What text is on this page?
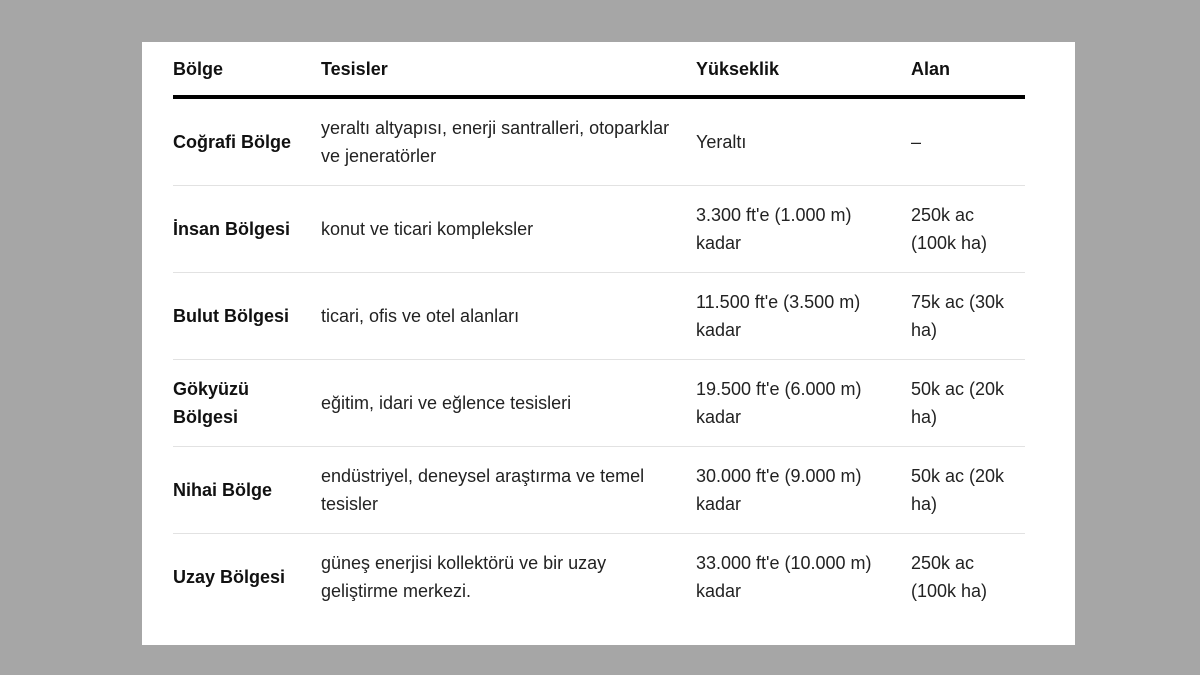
Bölge	Tesisler	Yükseklik	Alan
Coğrafi Bölge	yeraltı altyapısı, enerji santralleri, otoparklar ve jeneratörler	Yeraltı	–
İnsan Bölgesi	konut ve ticari kompleksler	3.300 ft'e (1.000 m) kadar	250k ac (100k ha)
Bulut Bölgesi	ticari, ofis ve otel alanları	11.500 ft'e (3.500 m) kadar	75k ac (30k ha)
Gökyüzü Bölgesi	eğitim, idari ve eğlence tesisleri	19.500 ft'e (6.000 m) kadar	50k ac (20k ha)
Nihai Bölge	endüstriyel, deneysel araştırma ve temel tesisler	30.000 ft'e (9.000 m) kadar	50k ac (20k ha)
Uzay Bölgesi	güneş enerjisi kollektörü ve bir uzay geliştirme merkezi.	33.000 ft'e (10.000 m) kadar	250k ac (100k ha)
